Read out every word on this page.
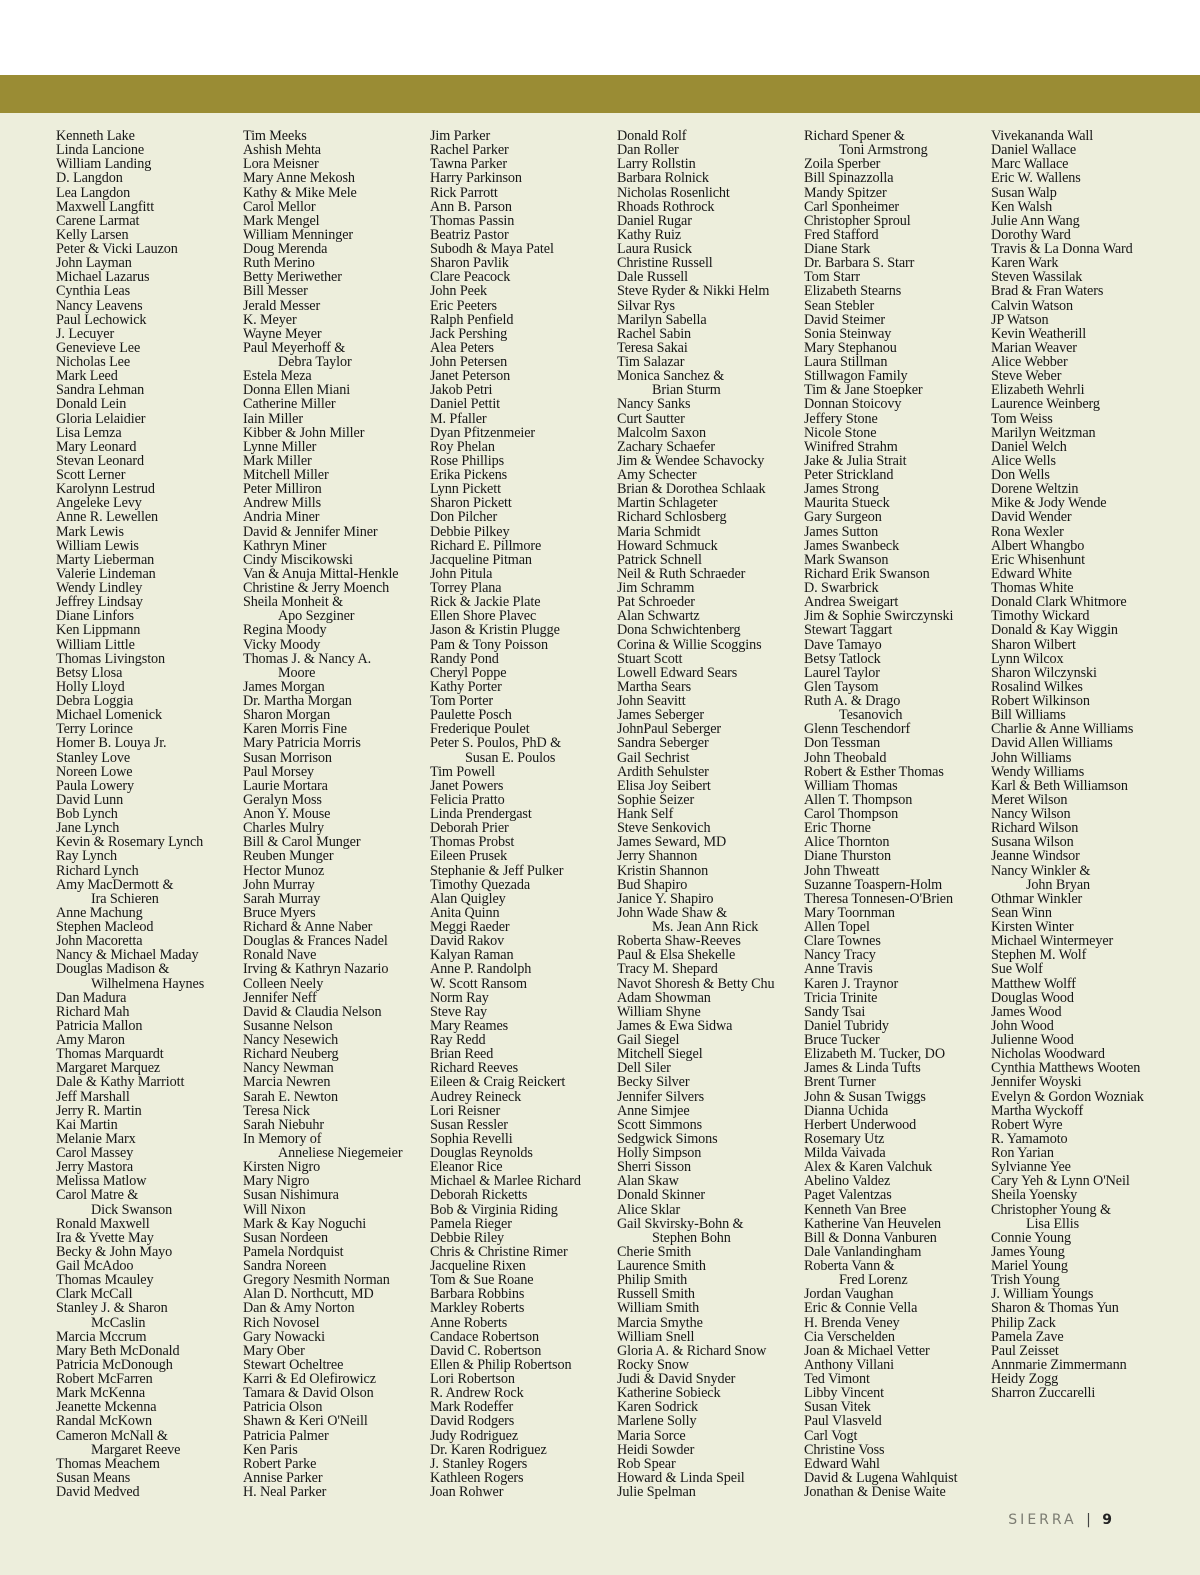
Kenneth Lake
Linda Lancione
William Landing
D. Langdon
Lea Langdon
Maxwell Langfitt
Carene Larmat
Kelly Larsen
Peter & Vicki Lauzon
John Layman
Michael Lazarus
Cynthia Leas
Nancy Leavens
Paul Lechowick
J. Lecuyer
Genevieve Lee
Nicholas Lee
Mark Leed
Sandra Lehman
Donald Lein
Gloria Lelaidier
Lisa Lemza
Mary Leonard
Stevan Leonard
Scott Lerner
Karolynn Lestrud
Angeleke Levy
Anne R. Lewellen
Mark Lewis
William Lewis
Marty Lieberman
Valerie Lindeman
Wendy Lindley
Jeffrey Lindsay
Diane Linfors
Ken Lippmann
William Little
Thomas Livingston
Betsy Llosa
Holly Lloyd
Debra Loggia
Michael Lomenick
Terry Lorince
Homer B. Louya Jr.
Stanley Love
Noreen Lowe
Paula Lowery
David Lunn
Bob Lynch
Jane Lynch
Kevin & Rosemary Lynch
Ray Lynch
Richard Lynch
Amy MacDermott &
Ira Schieren
Anne Machung
Stephen Macleod
John Macoretta
Nancy & Michael Maday
Douglas Madison &
Wilhelmena Haynes
Dan Madura
Richard Mah
Patricia Mallon
Amy Maron
Thomas Marquardt
Margaret Marquez
Dale & Kathy Marriott
Jeff Marshall
Jerry R. Martin
Kai Martin
Melanie Marx
Carol Massey
Jerry Mastora
Melissa Matlow
Carol Matre &
Dick Swanson
Ronald Maxwell
Ira & Yvette May
Becky & John Mayo
Gail McAdoo
Thomas Mcauley
Clark McCall
Stanley J. & Sharon
McCaslin
Marcia Mccrum
Mary Beth McDonald
Patricia McDonough
Robert McFarren
Mark McKenna
Jeanette Mckenna
Randal McKown
Cameron McNall &
Margaret Reeve
Thomas Meachem
Susan Means
David Medved
Tim Meeks
Ashish Mehta
Lora Meisner
Mary Anne Mekosh
Kathy & Mike Mele
Carol Mellor
Mark Mengel
William Menninger
Doug Merenda
Ruth Merino
Betty Meriwether
Bill Messer
Jerald Messer
K. Meyer
Wayne Meyer
Paul Meyerhoff &
Debra Taylor
Estela Meza
Donna Ellen Miani
Catherine Miller
Iain Miller
Kibber & John Miller
Lynne Miller
Mark Miller
Mitchell Miller
Peter Milliron
Andrew Mills
Andria Miner
David & Jennifer Miner
Kathryn Miner
Cindy Miscikowski
Van & Anuja Mittal-Henkle
Christine & Jerry Moench
Sheila Monheit &
Apo Sezginer
Regina Moody
Vicky Moody
Thomas J. & Nancy A.
Moore
James Morgan
Dr. Martha Morgan
Sharon Morgan
Karen Morris Fine
Mary Patricia Morris
Susan Morrison
Paul Morsey
Laurie Mortara
Geralyn Moss
Anon Y. Mouse
Charles Mulry
Bill & Carol Munger
Reuben Munger
Hector Munoz
John Murray
Sarah Murray
Bruce Myers
Richard & Anne Naber
Douglas & Frances Nadel
Ronald Nave
Irving & Kathryn Nazario
Colleen Neely
Jennifer Neff
David & Claudia Nelson
Susanne Nelson
Nancy Nesewich
Richard Neuberg
Nancy Newman
Marcia Newren
Sarah E. Newton
Teresa Nick
Sarah Niebuhr
In Memory of
Anneliese Niegemeier
Kirsten Nigro
Mary Nigro
Susan Nishimura
Will Nixon
Mark & Kay Noguchi
Susan Nordeen
Pamela Nordquist
Sandra Noreen
Gregory Nesmith Norman
Alan D. Northcutt, MD
Dan & Amy Norton
Rich Novosel
Gary Nowacki
Mary Ober
Stewart Ocheltree
Karri & Ed Olefirowicz
Tamara & David Olson
Patricia Olson
Shawn & Keri O'Neill
Patricia Palmer
Ken Paris
Robert Parke
Annise Parker
H. Neal Parker
Jim Parker
Rachel Parker
Tawna Parker
Harry Parkinson
Rick Parrott
Ann B. Parson
Thomas Passin
Beatriz Pastor
Subodh & Maya Patel
Sharon Pavlik
Clare Peacock
John Peek
Eric Peeters
Ralph Penfield
Jack Pershing
Alea Peters
John Petersen
Janet Peterson
Jakob Petri
Daniel Pettit
M. Pfaller
Dyan Pfitzenmeier
Roy Phelan
Rose Phillips
Erika Pickens
Lynn Pickett
Sharon Pickett
Don Pilcher
Debbie Pilkey
Richard E. Pillmore
Jacqueline Pitman
John Pitula
Torrey Plana
Rick & Jackie Plate
Ellen Shore Plavec
Jason & Kristin Plugge
Pam & Tony Poisson
Randy Pond
Cheryl Poppe
Kathy Porter
Tom Porter
Paulette Posch
Frederique Poulet
Peter S. Poulos, PhD &
Susan E. Poulos
Tim Powell
Janet Powers
Felicia Pratto
Linda Prendergast
Deborah Prier
Thomas Probst
Eileen Prusek
Stephanie & Jeff Pulker
Timothy Quezada
Alan Quigley
Anita Quinn
Meggi Raeder
David Rakov
Kalyan Raman
Anne P. Randolph
W. Scott Ransom
Norm Ray
Steve Ray
Mary Reames
Ray Redd
Brian Reed
Richard Reeves
Eileen & Craig Reickert
Audrey Reineck
Lori Reisner
Susan Ressler
Sophia Revelli
Douglas Reynolds
Eleanor Rice
Michael & Marlee Richard
Deborah Ricketts
Bob & Virginia Riding
Pamela Rieger
Debbie Riley
Chris & Christine Rimer
Jacqueline Rixen
Tom & Sue Roane
Barbara Robbins
Markley Roberts
Anne Roberts
Candace Robertson
David C. Robertson
Ellen & Philip Robertson
Lori Robertson
R. Andrew Rock
Mark Rodeffer
David Rodgers
Judy Rodriguez
Dr. Karen Rodriguez
J. Stanley Rogers
Kathleen Rogers
Joan Rohwer
Donald Rolf
Dan Roller
Larry Rollstin
Barbara Rolnick
Nicholas Rosenlicht
Rhoads Rothrock
Daniel Rugar
Kathy Ruiz
Laura Rusick
Christine Russell
Dale Russell
Steve Ryder & Nikki Helm
Silvar Rys
Marilyn Sabella
Rachel Sabin
Teresa Sakai
Tim Salazar
Monica Sanchez &
Brian Sturm
Nancy Sanks
Curt Sautter
Malcolm Saxon
Zachary Schaefer
Jim & Wendee Schavocky
Amy Schecter
Brian & Dorothea Schlaak
Martin Schlageter
Richard Schlosberg
Maria Schmidt
Howard Schmuck
Patrick Schnell
Neil & Ruth Schraeder
Jim Schramm
Pat Schroeder
Alan Schwartz
Dona Schwichtenberg
Corina & Willie Scoggins
Stuart Scott
Lowell Edward Sears
Martha Sears
John Seavitt
James Seberger
JohnPaul Seberger
Sandra Seberger
Gail Sechrist
Ardith Sehulster
Elisa Joy Seibert
Sophie Seizer
Hank Self
Steve Senkovich
James Seward, MD
Jerry Shannon
Kristin Shannon
Bud Shapiro
Janice Y. Shapiro
John Wade Shaw &
Ms. Jean Ann Rick
Roberta Shaw-Reeves
Paul & Elsa Shekelle
Tracy M. Shepard
Navot Shoresh & Betty Chu
Adam Showman
William Shyne
James & Ewa Sidwa
Gail Siegel
Mitchell Siegel
Dell Siler
Becky Silver
Jennifer Silvers
Anne Simjee
Scott Simmons
Sedgwick Simons
Holly Simpson
Sherri Sisson
Alan Skaw
Donald Skinner
Alice Sklar
Gail Skvirsky-Bohn &
Stephen Bohn
Cherie Smith
Laurence Smith
Philip Smith
Russell Smith
William Smith
Marcia Smythe
William Snell
Gloria A. & Richard Snow
Rocky Snow
Judi & David Snyder
Katherine Sobieck
Karen Sodrick
Marlene Solly
Maria Sorce
Heidi Sowder
Rob Spear
Howard & Linda Speil
Julie Spelman
Richard Spener &
Toni Armstrong
Zoila Sperber
Bill Spinazzolla
Mandy Spitzer
Carl Sponheimer
Christopher Sproul
Fred Stafford
Diane Stark
Dr. Barbara S. Starr
Tom Starr
Elizabeth Stearns
Sean Stebler
David Steimer
Sonia Steinway
Mary Stephanou
Laura Stillman
Stillwagon Family
Tim & Jane Stoepker
Donnan Stoicovy
Jeffery Stone
Nicole Stone
Winifred Strahm
Jake & Julia Strait
Peter Strickland
James Strong
Maurita Stueck
Gary Surgeon
James Sutton
James Swanbeck
Mark Swanson
Richard Erik Swanson
D. Swarbrick
Andrea Sweigart
Jim & Sophie Swirczynski
Stewart Taggart
Dave Tamayo
Betsy Tatlock
Laurel Taylor
Glen Taysom
Ruth A. & Drago
Tesanovich
Glenn Teschendorf
Don Tessman
John Theobald
Robert & Esther Thomas
William Thomas
Allen T. Thompson
Carol Thompson
Eric Thorne
Alice Thornton
Diane Thurston
John Thweatt
Suzanne Toaspern-Holm
Theresa Tonnesen-O'Brien
Mary Toornman
Allen Topel
Clare Townes
Nancy Tracy
Anne Travis
Karen J. Traynor
Tricia Trinite
Sandy Tsai
Daniel Tubridy
Bruce Tucker
Elizabeth M. Tucker, DO
James & Linda Tufts
Brent Turner
John & Susan Twiggs
Dianna Uchida
Herbert Underwood
Rosemary Utz
Milda Vaivada
Alex & Karen Valchuk
Abelino Valdez
Paget Valentzas
Kenneth Van Bree
Katherine Van Heuvelen
Bill & Donna Vanburen
Dale Vanlandingham
Roberta Vann &
Fred Lorenz
Jordan Vaughan
Eric & Connie Vella
H. Brenda Veney
Cia Verschelden
Joan & Michael Vetter
Anthony Villani
Ted Vimont
Libby Vincent
Susan Vitek
Paul Vlasveld
Carl Vogt
Christine Voss
Edward Wahl
David & Lugena Wahlquist
Jonathan & Denise Waite
Vivekananda Wall
Daniel Wallace
Marc Wallace
Eric W. Wallens
Susan Walp
Ken Walsh
Julie Ann Wang
Dorothy Ward
Travis & La Donna Ward
Karen Wark
Steven Wassilak
Brad & Fran Waters
Calvin Watson
JP Watson
Kevin Weatherill
Marian Weaver
Alice Webber
Steve Weber
Elizabeth Wehrli
Laurence Weinberg
Tom Weiss
Marilyn Weitzman
Daniel Welch
Alice Wells
Don Wells
Dorene Weltzin
Mike & Jody Wende
David Wender
Rona Wexler
Albert Whangbo
Eric Whisenhunt
Edward White
Thomas White
Donald Clark Whitmore
Timothy Wickard
Donald & Kay Wiggin
Sharon Wilbert
Lynn Wilcox
Sharon Wilczynski
Rosalind Wilkes
Robert Wilkinson
Bill Williams
Charlie & Anne Williams
David Allen Williams
John Williams
Wendy Williams
Karl & Beth Williamson
Meret Wilson
Nancy Wilson
Richard Wilson
Susana Wilson
Jeanne Windsor
Nancy Winkler &
John Bryan
Othmar Winkler
Sean Winn
Kirsten Winter
Michael Wintermeyer
Stephen M. Wolf
Sue Wolf
Matthew Wolff
Douglas Wood
James Wood
John Wood
Julienne Wood
Nicholas Woodward
Cynthia Matthews Wooten
Jennifer Woyski
Evelyn & Gordon Wozniak
Martha Wyckoff
Robert Wyre
R. Yamamoto
Ron Yarian
Sylvianne Yee
Cary Yeh & Lynn O'Neil
Sheila Yoensky
Christopher Young &
Lisa Ellis
Connie Young
James Young
Mariel Young
Trish Young
J. William Youngs
Sharon & Thomas Yun
Philip Zack
Pamela Zave
Paul Zeisset
Annmarie Zimmermann
Heidy Zogg
Sharron Zuccarelli
SIERRA | 9
